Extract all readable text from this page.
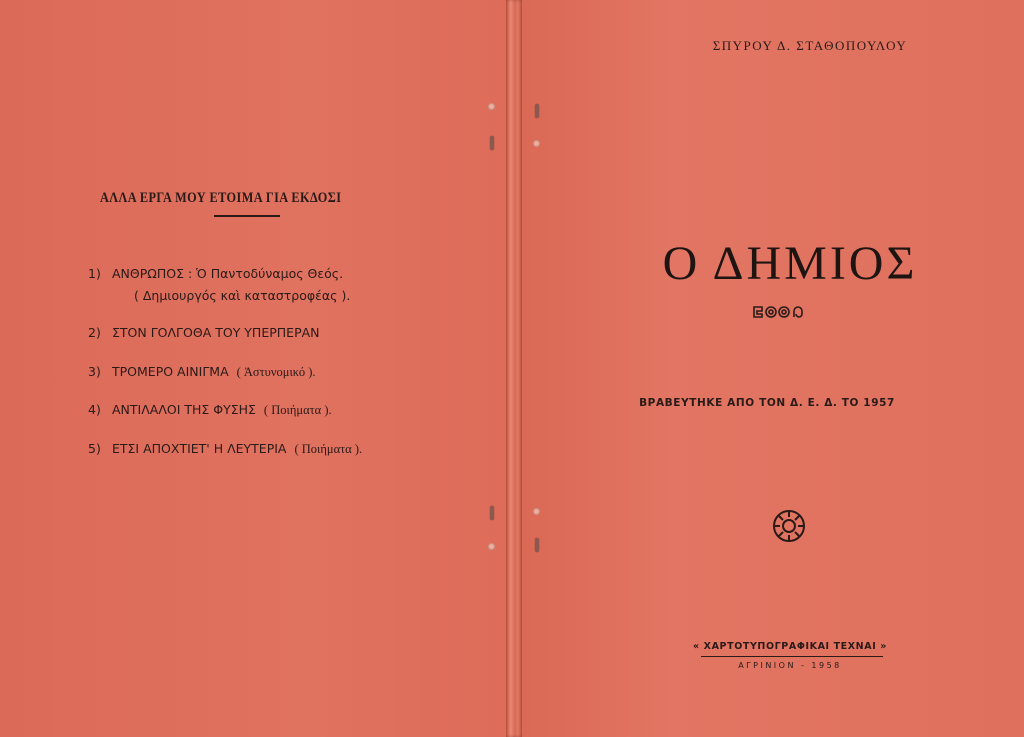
ΑΛΛΑ ΕΡΓΑ ΜΟΥ ΕΤΟΙΜΑ ΓΙΑ ΕΚΔΟΣΙ
1) ΑΝΘΡΩΠΟΣ : Ὁ Παντοδύναμος Θεός.
( Δημιουργός καὶ καταστροφέας ).
2) ΣΤΟΝ ΓΟΛΓΟΘΑ ΤΟΥ ΥΠΕΡΠΕΡΑΝ
3) ΤΡΟΜΕΡΟ ΑΙΝΙΓΜΑ ( Ἀστυνομικό ).
4) ΑΝΤΙΛΑΛΟΙ ΤΗΣ ΦΥΣΗΣ ( Ποιήματα ).
5) ΕΤΣΙ ΑΠΟΧΤΙΕΤ' Η ΛΕΥΤΕΡΙΑ ( Ποιήματα ).
ΣΠΥΡΟΥ Δ. ΣΤΑΘΟΠΟΥΛΟΥ
Ο ΔΗΜΙΟΣ
ΒΡΑΒΕΥΤΗΚΕ ΑΠΟ ΤΟΝ Δ. Ε. Δ. ΤΟ 1957
« ΧΑΡΤΟΤΥΠΟΓΡΑΦΙΚΑΙ ΤΕΧΝΑΙ »
ΑΓΡΙΝΙΟΝ - 1958
